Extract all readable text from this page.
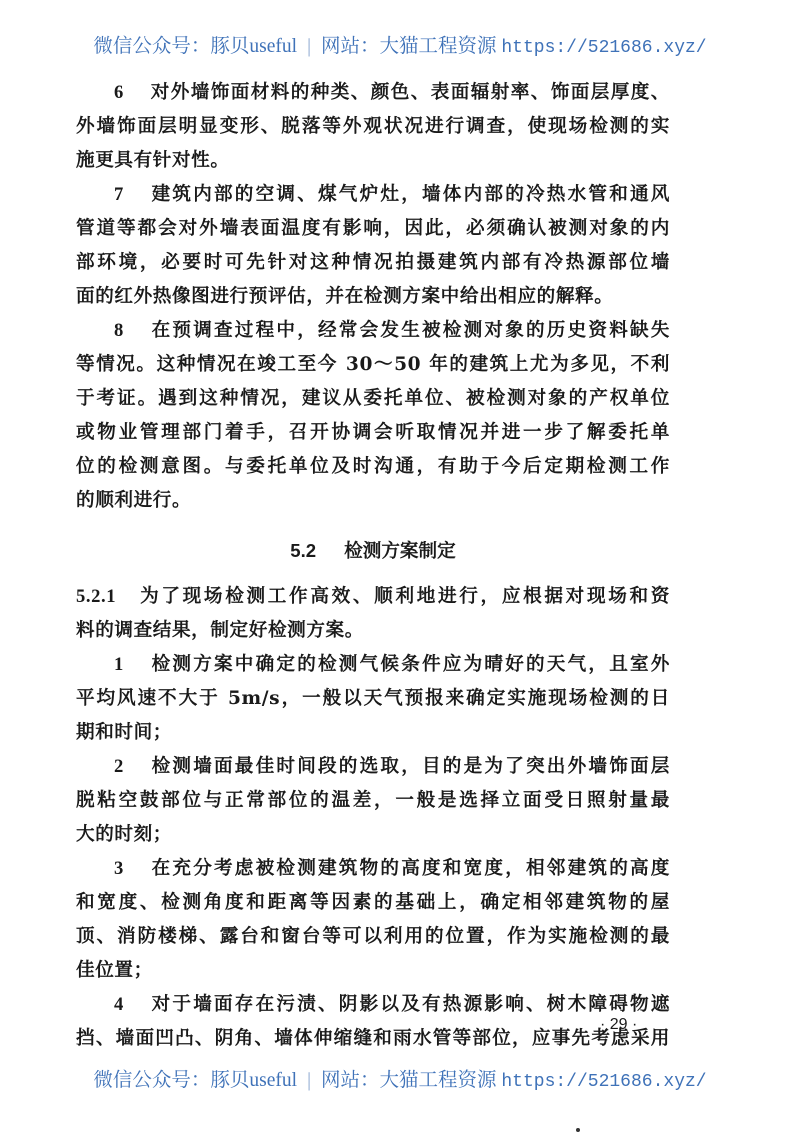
微信公众号：豚贝useful | 网站：大猫工程资源 https://521686.xyz/
6 对外墙饰面材料的种类、颜色、表面辐射率、饰面层厚度、
外墙饰面层明显变形、脱落等外观状况进行调查，使现场检测的实
施更具有针对性。
7 建筑内部的空调、煤气炉灶，墙体内部的冷热水管和通风
管道等都会对外墙表面温度有影响，因此，必须确认被测对象的内
部环境，必要时可先针对这种情况拍摄建筑内部有冷热源部位墙
面的红外热像图进行预评估，并在检测方案中给出相应的解释。
8 在预调查过程中，经常会发生被检测对象的历史资料缺失
等情况。这种情况在竣工至今 30～50 年的建筑上尤为多见，不利
于考证。遇到这种情况，建议从委托单位、被检测对象的产权单位
或物业管理部门着手，召开协调会听取情况并进一步了解委托单
位的检测意图。与委托单位及时沟通，有助于今后定期检测工作
的顺利进行。
5.2 检测方案制定
5.2.1 为了现场检测工作高效、顺利地进行，应根据对现场和资
料的调查结果，制定好检测方案。
1 检测方案中确定的检测气候条件应为晴好的天气，且室外
平均风速不大于 5m/s，一般以天气预报来确定实施现场检测的日
期和时间；
2 检测墙面最佳时间段的选取，目的是为了突出外墙饰面层
脱粘空鼓部位与正常部位的温差，一般是选择立面受日照射量最
大的时刻；
3 在充分考虑被检测建筑物的高度和宽度，相邻建筑的高度
和宽度、检测角度和距离等因素的基础上，确定相邻建筑物的屋
顶、消防楼梯、露台和窗台等可以利用的位置，作为实施检测的最
佳位置；
4 对于墙面存在污渍、阴影以及有热源影响、树木障碍物遮
挡、墙面凹凸、阴角、墙体伸缩缝和雨水管等部位，应事先考虑采用
· 29 ·
微信公众号：豚贝useful | 网站：大猫工程资源 https://521686.xyz/
